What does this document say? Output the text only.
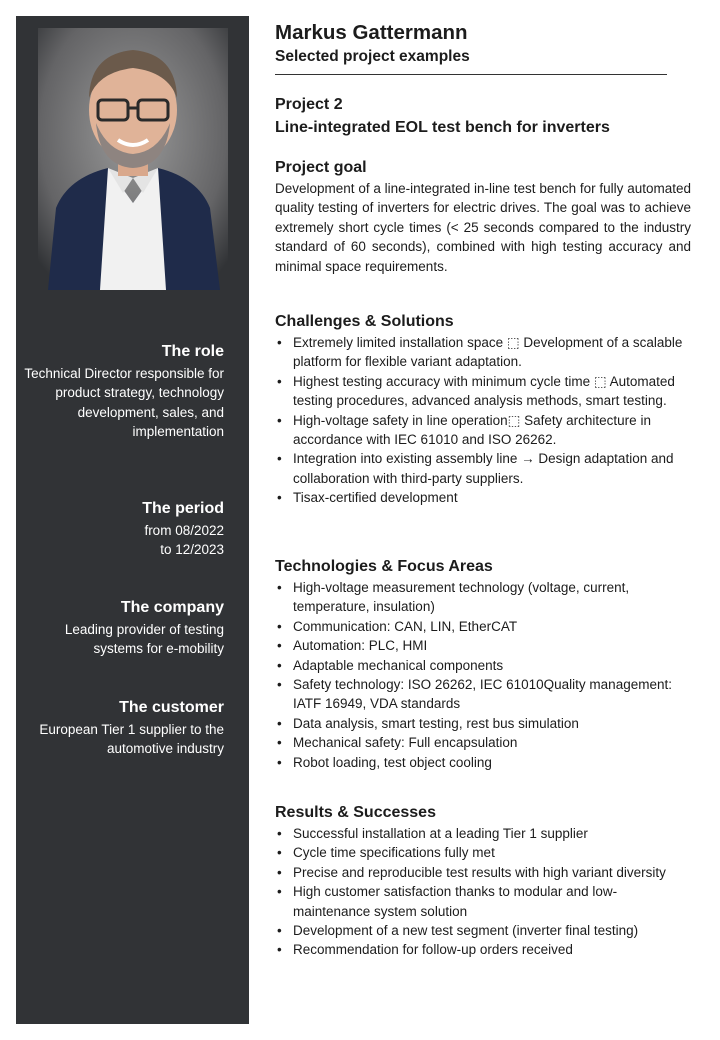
The role
Technical Director responsible for product strategy, technology development, sales, and implementation
The period
from 08/2022
to 12/2023
The company
Leading provider of testing systems for e-mobility
The customer
European Tier 1 supplier to the automotive industry
Markus Gattermann
Selected project examples
Project 2
Line-integrated EOL test bench for inverters
Project goal

Development of a line-integrated in-line test bench for fully automated quality testing of inverters for electric drives. The goal was to achieve extremely short cycle times (< 25 seconds compared to the industry standard of 60 seconds), combined with high testing accuracy and minimal space requirements.

Challenges & Solutions
• Extremely limited installation space ⬚ Development of a scalable platform for flexible variant adaptation.
• Highest testing accuracy with minimum cycle time ⬚ Automated testing procedures, advanced analysis methods, smart testing.
• High-voltage safety in line operation⬚ Safety architecture in accordance with IEC 61010 and ISO 26262.
• Integration into existing assembly line → Design adaptation and collaboration with third-party suppliers.
• Tisax-certified development
Technologies & Focus Areas
• High-voltage measurement technology (voltage, current, temperature, insulation)
• Communication: CAN, LIN, EtherCAT
• Automation: PLC, HMI
• Adaptable mechanical components
• Safety technology: ISO 26262, IEC 61010Quality management: IATF 16949, VDA standards
• Data analysis, smart testing, rest bus simulation
• Mechanical safety: Full encapsulation
• Robot loading, test object cooling
Results & Successes
• Successful installation at a leading Tier 1 supplier
• Cycle time specifications fully met
• Precise and reproducible test results with high variant diversity
• High customer satisfaction thanks to modular and low-maintenance system solution
• Development of a new test segment (inverter final testing)
• Recommendation for follow-up orders received
